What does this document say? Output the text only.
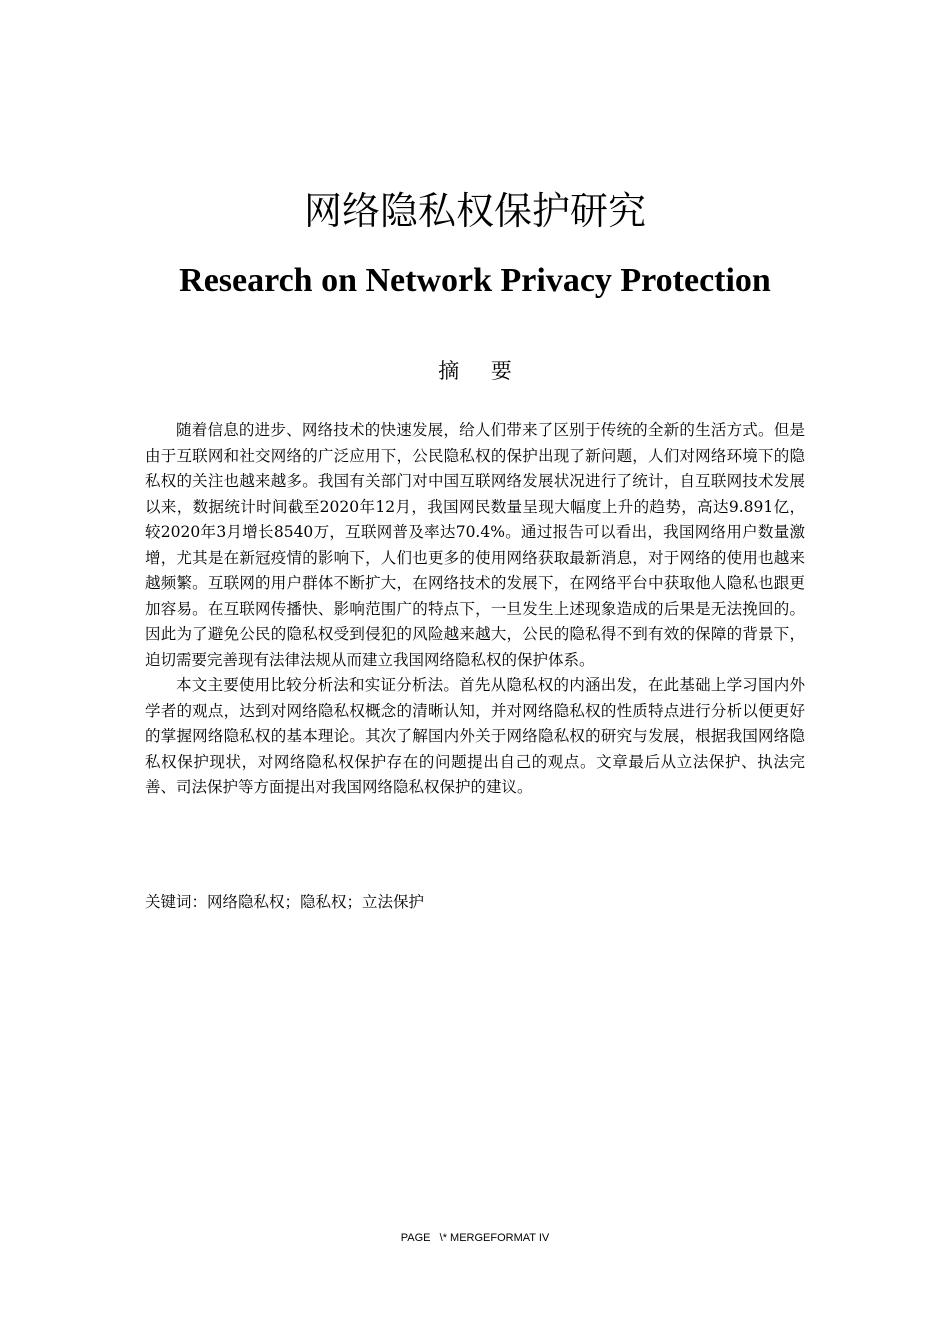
网络隐私权保护研究
Research on Network Privacy Protection
摘   要

随着信息的进步、网络技术的快速发展，给人们带来了区别于传统的全新的生活方式。但是由于互联网和社交网络的广泛应用下，公民隐私权的保护出现了新问题，人们对网络环境下的隐私权的关注也越来越多。我国有关部门对中国互联网络发展状况进行了统计，自互联网技术发展以来，数据统计时间截至2020年12月，我国网民数量呈现大幅度上升的趋势，高达9.891亿，较2020年3月增长8540万，互联网普及率达70.4%。通过报告可以看出，我国网络用户数量激增，尤其是在新冠疫情的影响下，人们也更多的使用网络获取最新消息，对于网络的使用也越来越频繁。互联网的用户群体不断扩大，在网络技术的发展下，在网络平台中获取他人隐私也跟更加容易。在互联网传播快、影响范围广的特点下，一旦发生上述现象造成的后果是无法挽回的。因此为了避免公民的隐私权受到侵犯的风险越来越大，公民的隐私得不到有效的保障的背景下，迫切需要完善现有法律法规从而建立我国网络隐私权的保护体系。

本文主要使用比较分析法和实证分析法。首先从隐私权的内涵出发，在此基础上学习国内外学者的观点，达到对网络隐私权概念的清晰认知，并对网络隐私权的性质特点进行分析以便更好的掌握网络隐私权的基本理论。其次了解国内外关于网络隐私权的研究与发展，根据我国网络隐私权保护现状，对网络隐私权保护存在的问题提出自己的观点。文章最后从立法保护、执法完善、司法保护等方面提出对我国网络隐私权保护的建议。

关键词：网络隐私权；隐私权；立法保护
PAGE   \* MERGEFORMAT IV
